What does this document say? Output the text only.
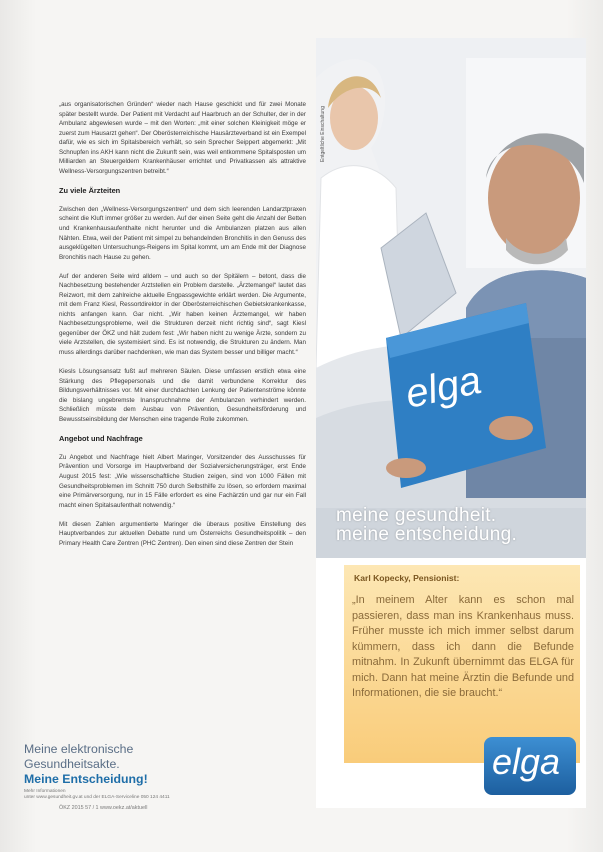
„aus organisatorischen Gründen“ wieder nach Hause geschickt und für zwei Monate später bestellt wurde. Der Patient mit Verdacht auf Haarbruch an der Schulter, der in der Ambulanz abgewiesen wurde – mit den Worten: „mit einer solchen Kleinigkeit möge er zuerst zum Hausarzt gehen“. Der Oberösterreichische Hausärzteverband ist ein Exempel dafür, wie es sich im Spitalsbereich verhält, so sein Sprecher Seippert abgemerkt: „Mit Schnupfen ins AKH kann nicht die Zukunft sein, was weil entkommene Spitalsposten um Milliarden an Steuergeldern Krankenhäuser errichtet und Privatkassen als attraktive Wellness-Versorgungszentren betreibt.“

Zu viele Ärzteiten

Zwischen den „Wellness-Versorgungszentren“ und dem sich leerenden Landarztpraxen scheint die Kluft immer größer zu werden. Auf der einen Seite geht die Anzahl der Betten und Krankenhausaufenthalte nicht herunter und die Ambulanzen platzen aus allen Nähten. Etwa, weil der Patient mit simpel zu behandelnden Bronchitis in den Genuss des ausgeklügelten Untersuchungs-Reigens im Spital kommt, um am Ende mit der Diagnose Bronchitis nach Hause zu gehen.

Auf der anderen Seite wird alldem – und auch so der Spitälern – betont, dass die Nachbesetzung bestehender Arztstellen ein Problem darstelle. „Ärztemangel“ lautet das Reizwort, mit dem zahlreiche aktuelle Engpassgewichte erklärt werden. Die Argumente, mit dem Franz Kiesl, Ressortdirektor in der Oberösterreichischen Gebietskrankenkasse, nichts anfangen kann. Gar nicht. „Wir haben keinen Ärztemangel, wir haben Nachbesetzungsprobleme, weil die Strukturen derzeit nicht richtig sind“, sagt Kiesl gegenüber der ÖKZ und hält zudem fest: „Wir haben nicht zu wenige Ärzte, sondern zu viele Arztstellen, die systemisiert sind. Es ist notwendig, die Strukturen zu ändern. Man muss allerdings darüber nachdenken, wie man das System besser und billiger macht.“

Kiesls Lösungsansatz fußt auf mehreren Säulen. Diese umfassen erstlich etwa eine Stärkung des Pflegepersonals und die damit verbundene Korrektur des Bildungsverhältnisses vor. Mit einer durchdachten Lenkung der Patientenströme könnte die bislang ungebremste Inanspruchnahme der Ambulanzen verhindert werden. Schließlich müsste dem Ausbau von Prävention, Gesundheitsförderung und Bewusstseinsbildung der Menschen eine tragende Rolle zukommen.

Angebot und Nachfrage

Zu Angebot und Nachfrage hielt Albert Maringer, Vorsitzender des Ausschusses für Prävention und Vorsorge im Hauptverband der Sozialversicherungsträger, erst Ende August 2015 fest: „Wie wissenschaftliche Studien zeigen, sind von 1000 Fällen mit Gesundheitsproblemen im Schnitt 750 durch Selbsthilfe zu lösen, so erfordern maximal eine Primärversorgung, nur in 15 Fälle erfordert es eine Fachärztin und gar nur ein Fall macht einen Spitalsaufenthalt notwendig.“

Mit diesen Zahlen argumentierte Maringer die überaus positive Einstellung des Hauptverbandes zur aktuellen Debatte rund um Österreichs Gesundheitspolitik – den Primary Health Care Zentren (PHC Zentren). Den einen sind diese Zentren der Stein

ÖKZ 2015 57 / 1 www.oekz.at/aktuell
elga
Entgeltliche Einschaltung
meine gesundheit.
meine entscheidung.
Karl Kopecky, Pensionist:
„In meinem Alter kann es schon mal passieren, dass man ins Krankenhaus muss. Früher musste ich mich immer selbst darum kümmern, dass ich dann die Befunde mitnahm. In Zukunft übernimmt das ELGA für mich. Dann hat meine Ärztin die Befunde und Informationen, die sie braucht.“
Meine elektronische
Gesundheitsakte.
Meine Entscheidung!
Mehr Informationen
unter www.gesundheit.gv.at und der ELGA-Serviceline 050 124 4411
elga
